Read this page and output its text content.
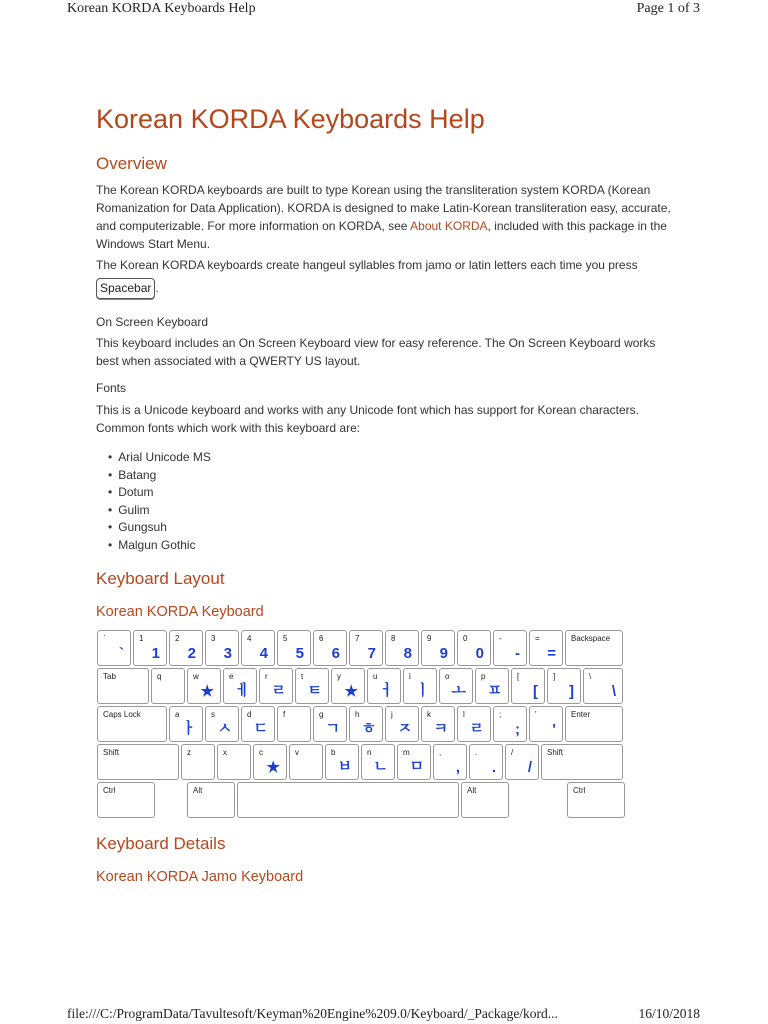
Korean KORDA Keyboards Help	Page 1 of 3
Korean KORDA Keyboards Help
Overview

The Korean KORDA keyboards are built to type Korean using the transliteration system KORDA (Korean Romanization for Data Application). KORDA is designed to make Latin-Korean transliteration easy, accurate, and computerizable. For more information on KORDA, see About KORDA, included with this package in the Windows Start Menu.

The Korean KORDA keyboards create hangeul syllables from jamo or latin letters each time you press

Spacebar .

On Screen Keyboard

This keyboard includes an On Screen Keyboard view for easy reference. The On Screen Keyboard works best when associated with a QWERTY US layout.

Fonts

This is a Unicode keyboard and works with any Unicode font which has support for Korean characters. Common fonts which work with this keyboard are:

• Arial Unicode MS
• Batang
• Dotum
• Gulim
• Gungsuh
• Malgun Gothic
Keyboard Layout
Korean KORDA Keyboard
Keyboard Details
Korean KORDA Jamo Keyboard
`
`
1
1
2
2
3
3
4
4
5
5
6
6
7
7
8
8
9
9
0
0
-
-
=
=
Backspace
Tab	q	w
★
e
ㅔ
r
ㄹ
t
ㅌ
y
★
u
ㅓ
i
ㅣ
o
ㅗ
p
ㅍ
[
[
]
]
\
\
Caps Lock	a
ㅏ
s
ㅅ
d
ㄷ
f	g
ㄱ
h
ㅎ
j
ㅈ
k
ㅋ
l
ㄹ
;
;
'
'
Enter
Shift	z	x	c
★
v	b
ㅂ
n
ㄴ
m
ㅁ
,
,
.
.
/
/
Shift
Ctrl	Alt	Alt	Ctrl
file:///C:/ProgramData/Tavultesoft/Keyman%20Engine%209.0/Keyboard/_Package/kord...	16/10/2018
